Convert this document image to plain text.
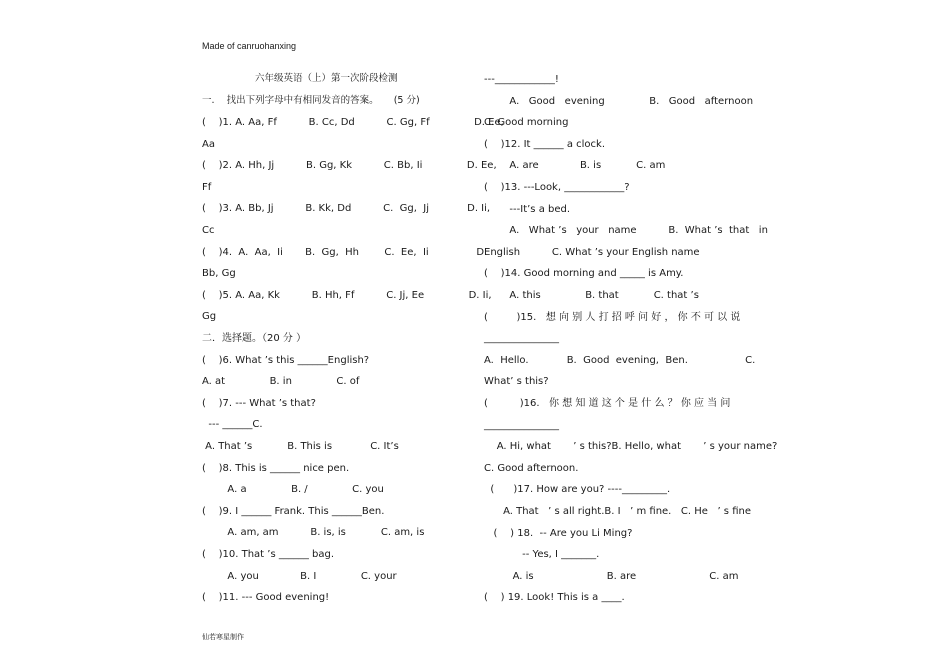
Made of canruohanxing
六年级英语（上）第一次阶段检测
一.    找出下列字母中有相同发音的答案。     (5 分)
(    )1. A. Aa, Ff          B. Cc, Dd          C. Gg, Ff              D. Ee,
Aa
(    )2. A. Hh, Jj          B. Gg, Kk          C. Bb, Ii              D. Ee,
Ff
(    )3. A. Bb, Jj          B. Kk, Dd          C.  Gg,  Jj            D. Ii,
Cc
(    )4.  A.  Aa,  Ii       B.  Gg,  Hh        C.  Ee,  Ii               D.
Bb, Gg
(    )5. A. Aa, Kk          B. Hh, Ff          C. Jj, Ee              D. Ii,
Gg
二．选择题。（20 分 ）
(    )6. What ’s this ______English?
A. at              B. in              C. of
(    )7. --- What ’s that?
--- ______C.
A. That ’s           B. This is            C. It’s
(    )8. This is ______ nice pen.
A. a              B. /              C. you
(    )9. I ______ Frank. This ______Ben.
A. am, am          B. is, is           C. am, is
(    )10. That ’s ______ bag.
A. you             B. I              C. your
(    )11. --- Good evening!
---____________!
A.   Good   evening              B.   Good   afternoon
C. Good morning
(    )12. It ______ a clock.
A. are             B. is           C. am
(    )13. ---Look, ____________?
---It’s a bed.
A.   What ’s   your   name          B.  What ’s  that   in
English          C. What ’s your English name
(    )14. Good morning and _____ is Amy.
A. this              B. that           C. that ’s
(         )15.   想 向 别 人 打 招 呼 问 好 ， 你 不 可 以 说
_______________
A.  Hello.            B.  Good  evening,  Ben.                  C.
What’ s this?
(          )16.   你 想 知 道 这 个 是 什 么 ？ 你 应 当 问
_______________
A. Hi, what       ’ s this?B. Hello, what       ’ s your name?
C. Good afternoon.
(      )17. How are you? ----_________.
A. That   ’ s all right.B. I   ’ m fine.   C. He   ’ s fine
(    ) 18.  -- Are you Li Ming?
-- Yes, I _______.
A. is                       B. are                       C. am
(    ) 19. Look! This is a ____.
仙若寒星制作
